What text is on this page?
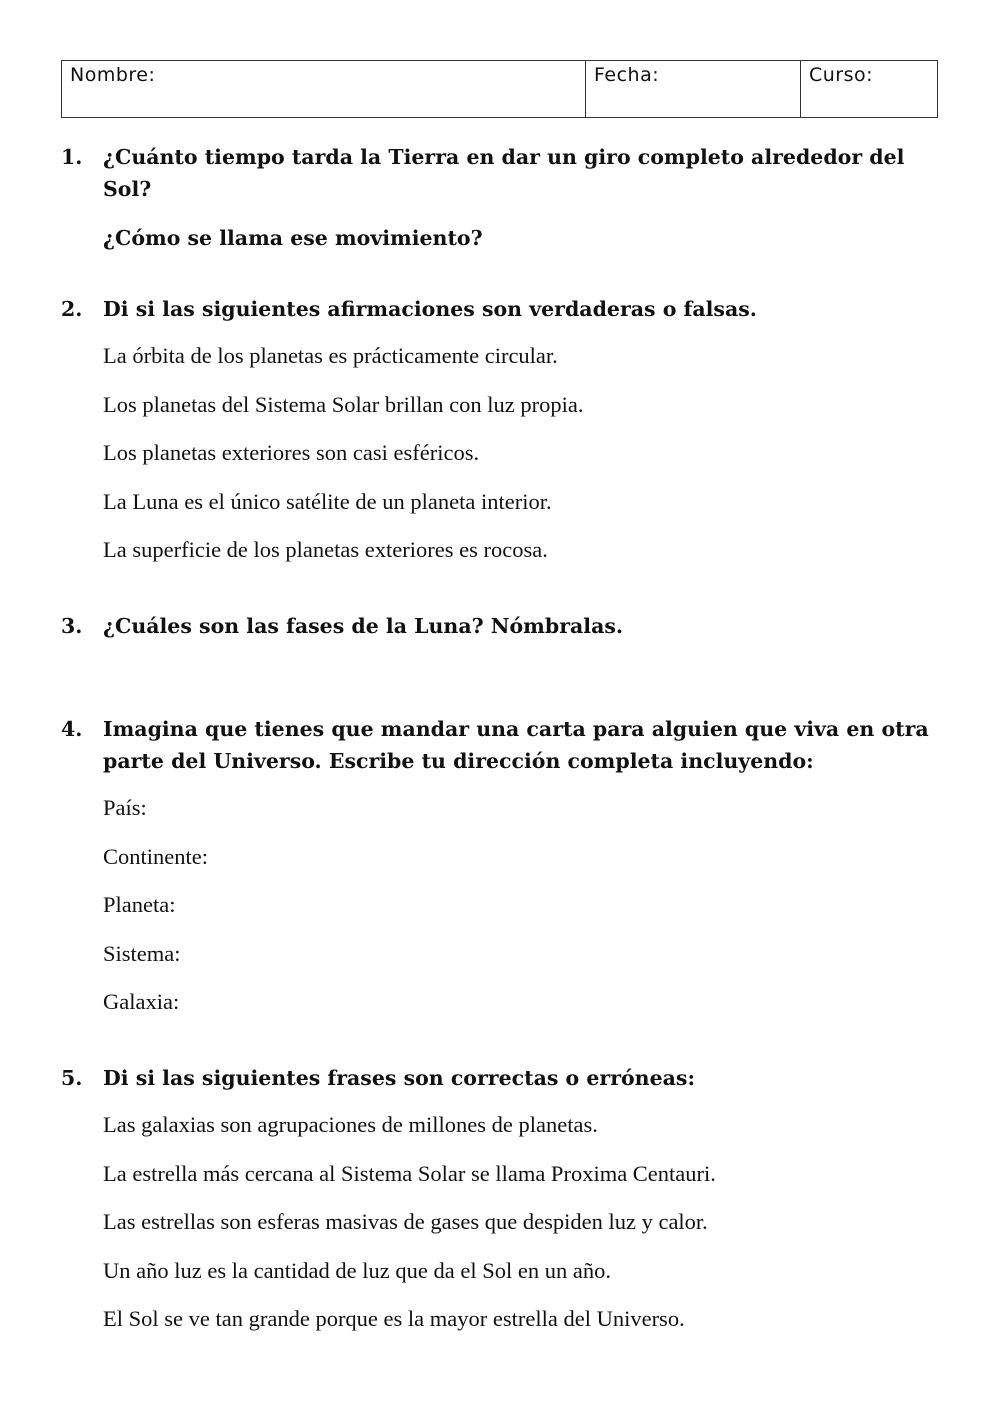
Nombre:	Fecha:	Curso:
1.	¿Cuánto tiempo tarda la Tierra en dar un giro completo alrededor del Sol?
¿Cómo se llama ese movimiento?
2.	Di si las siguientes afirmaciones son verdaderas o falsas.
La órbita de los planetas es prácticamente circular.
Los planetas del Sistema Solar brillan con luz propia.
Los planetas exteriores son casi esféricos.
La Luna es el único satélite de un planeta interior.
La superficie de los planetas exteriores es rocosa.
3.	¿Cuáles son las fases de la Luna? Nómbralas.
4.	Imagina que tienes que mandar una carta para alguien que viva en otra parte del Universo. Escribe tu dirección completa incluyendo:
País:
Continente:
Planeta:
Sistema:
Galaxia:
5.	Di si las siguientes frases son correctas o erróneas:
Las galaxias son agrupaciones de millones de planetas.
La estrella más cercana al Sistema Solar se llama Proxima Centauri.
Las estrellas son esferas masivas de gases que despiden luz y calor.
Un año luz es la cantidad de luz que da el Sol en un año.
El Sol se ve tan grande porque es la mayor estrella del Universo.
